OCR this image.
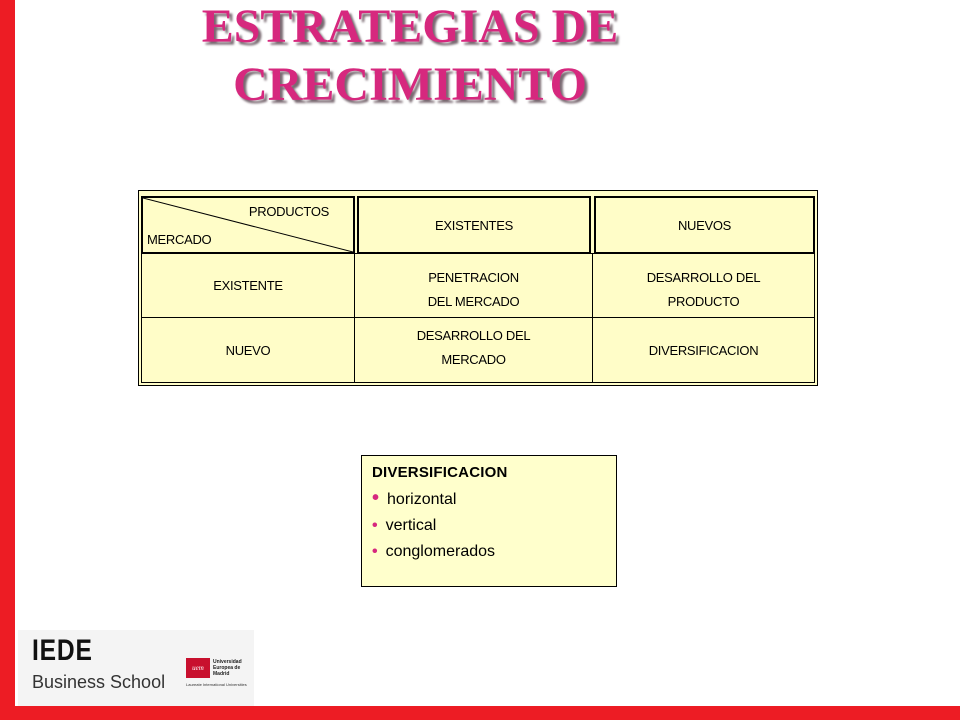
ESTRATEGIAS DE
CRECIMIENTO
PRODUCTOS
MERCADO
EXISTENTES	NUEVOS
EXISTENTE
PENETRACION
DEL MERCADO
DESARROLLO DEL
PRODUCTO
NUEVO
DESARROLLO DEL
MERCADO
DIVERSIFICACION
DIVERSIFICACION
• horizontal
• vertical
• conglomerados
IEDE
Business School
uem
Universidad Europea de Madrid
Laureate International Universities
